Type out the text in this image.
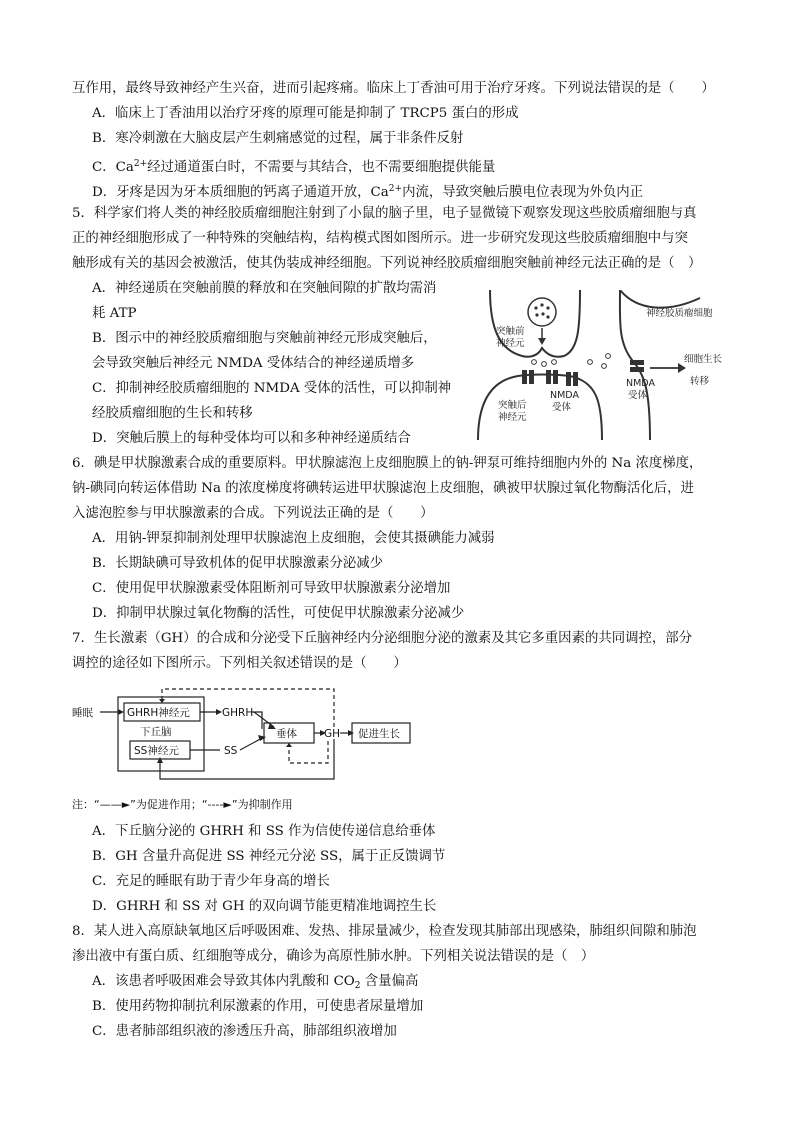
互作用，最终导致神经产生兴奋，进而引起疼痛。临床上丁香油可用于治疗牙疼。下列说法错误的是（　　）
A．临床上丁香油用以治疗牙疼的原理可能是抑制了 TRCP5 蛋白的形成
B．寒冷刺激在大脑皮层产生刺痛感觉的过程，属于非条件反射
C．$Ca^{2+}$经过通道蛋白时，不需要与其结合，也不需要细胞提供能量
D．牙疼是因为牙本质细胞的钙离子通道开放，$Ca^{2+}$内流，导致突触后膜电位表现为外负内正
5．科学家们将人类的神经胶质瘤细胞注射到了小鼠的脑子里，电子显微镜下观察发现这些胶质瘤细胞与真
正的神经细胞形成了一种特殊的突触结构，结构模式图如图所示。进一步研究发现这些胶质瘤细胞中与突
触形成有关的基因会被激活，使其伪装成神经细胞。下列说神经胶质瘤细胞突触前神经元法正确的是（　）
A．神经递质在突触前膜的释放和在突触间隙的扩散均需消
耗 ATP
B．图示中的神经胶质瘤细胞与突触前神经元形成突触后，
会导致突触后神经元 NMDA 受体结合的神经递质增多
C．抑制神经胶质瘤细胞的 NMDA 受体的活性，可以抑制神
经胶质瘤细胞的生长和转移
D．突触后膜上的每种受体均可以和多种神经递质结合
神经胶质瘤细胞
突触前
神经元
突触后
神经元
NMDA
受体
NMDA
受体
细胞生长
转移
6．碘是甲状腺激素合成的重要原料。甲状腺滤泡上皮细胞膜上的钠-钾泵可维持细胞内外的 Na 浓度梯度，
钠-碘同向转运体借助 Na 的浓度梯度将碘转运进甲状腺滤泡上皮细胞，碘被甲状腺过氧化物酶活化后，进
入滤泡腔参与甲状腺激素的合成。下列说法正确的是（　　）
A．用钠-钾泵抑制剂处理甲状腺滤泡上皮细胞，会使其摄碘能力减弱
B．长期缺碘可导致机体的促甲状腺激素分泌减少
C．使用促甲状腺激素受体阻断剂可导致甲状腺激素分泌增加
D．抑制甲状腺过氧化物酶的活性，可使促甲状腺激素分泌减少
7．生长激素（GH）的合成和分泌受下丘脑神经内分泌细胞分泌的激素及其它多重因素的共同调控，部分
调控的途径如下图所示。下列相关叙述错误的是（　　）
睡眠	GHRH神经元
下丘脑
SS神经元
GHRH
SS
垂体	GH 促进生长
注：“——►”为促进作用；“----►”为抑制作用
A．下丘脑分泌的 GHRH 和 SS 作为信使传递信息给垂体
B．GH 含量升高促进 SS 神经元分泌 SS，属于正反馈调节
C．充足的睡眠有助于青少年身高的增长
D．GHRH 和 SS 对 GH 的双向调节能更精准地调控生长
8．某人进入高原缺氧地区后呼吸困难、发热、排尿量减少，检查发现其肺部出现感染，肺组织间隙和肺泡
渗出液中有蛋白质、红细胞等成分，确诊为高原性肺水肿。下列相关说法错误的是（　）
A．该患者呼吸困难会导致其体内乳酸和 $CO_2$ 含量偏高
B．使用药物抑制抗利尿激素的作用，可使患者尿量增加
C．患者肺部组织液的渗透压升高，肺部组织液增加
